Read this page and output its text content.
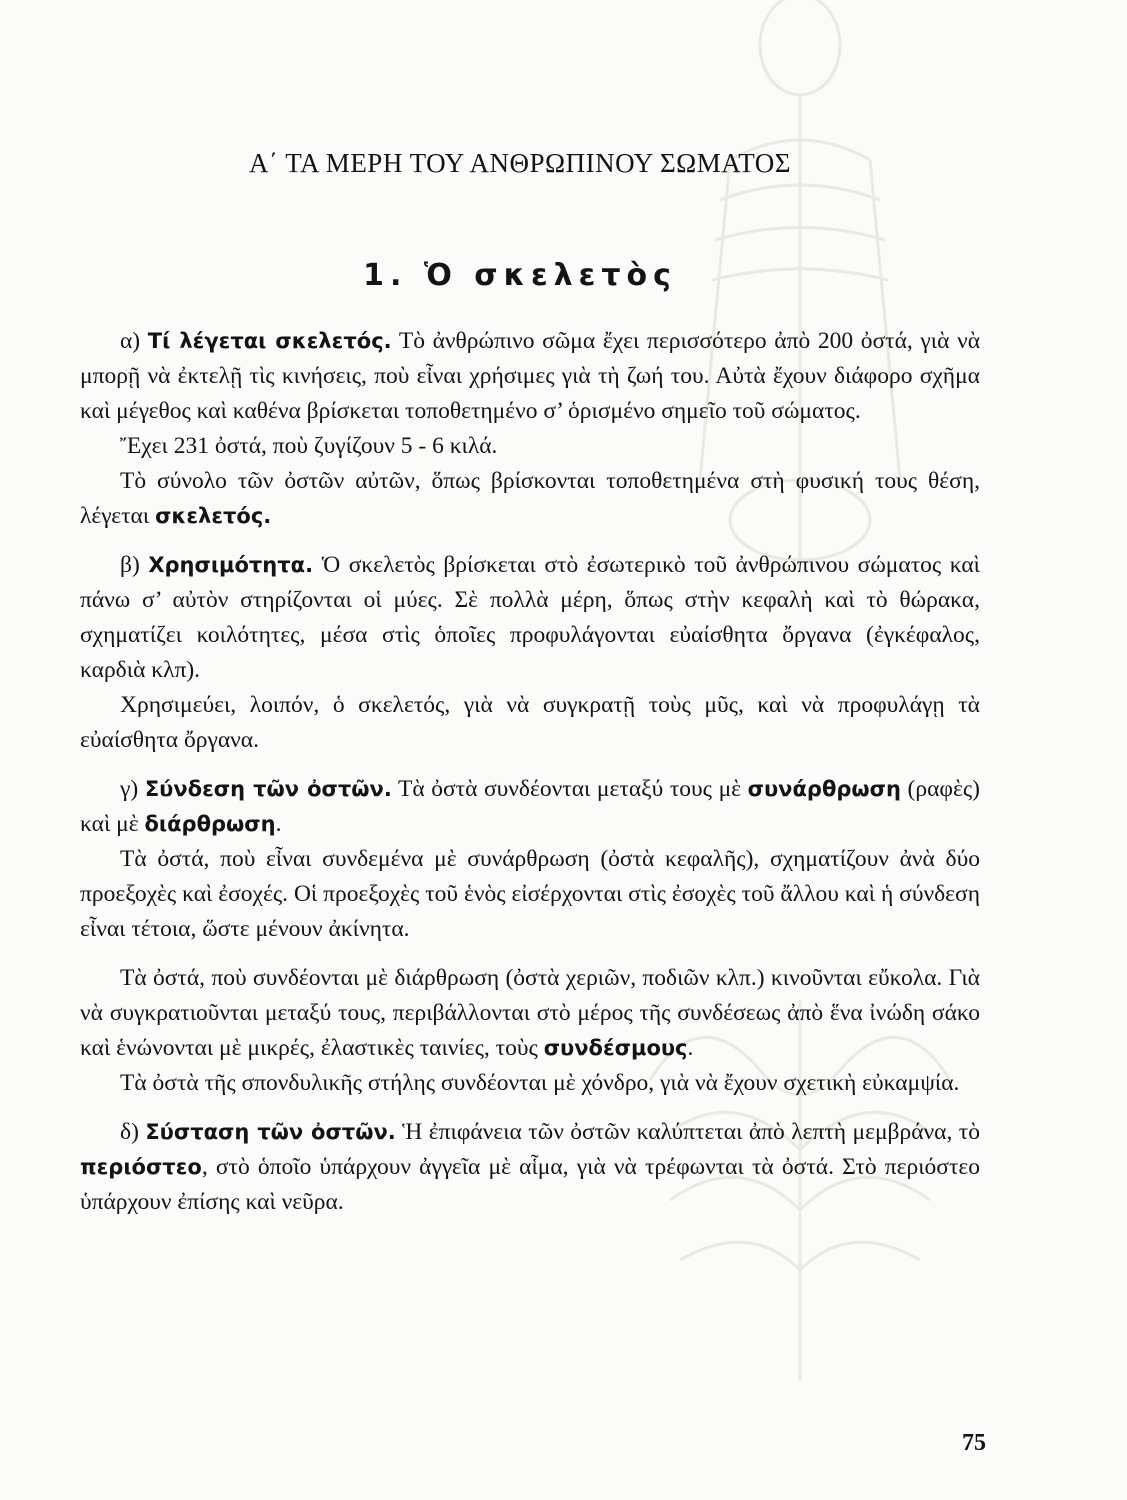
Α΄ ΤΑ ΜΕΡΗ ΤΟΥ ΑΝΘΡΩΠΙΝΟΥ ΣΩΜΑΤΟΣ
1. Ὁ σκελετὸς

α) Τί λέγεται σκελετός. Τὸ ἀνθρώπινο σῶμα ἔχει περισσότερο ἀπὸ 200 ὀστά, γιὰ νὰ μπορῇ νὰ ἐκτελῇ τὶς κινήσεις, ποὺ εἶναι χρήσιμες γιὰ τὴ ζωή του. Αὐτὰ ἔχουν διάφορο σχῆμα καὶ μέγεθος καὶ καθένα βρίσκεται τοποθετημένο σ’ ὁρισμένο σημεῖο τοῦ σώματος.

Ἔχει 231 ὀστά, ποὺ ζυγίζουν 5 - 6 κιλά.

Τὸ σύνολο τῶν ὀστῶν αὐτῶν, ὅπως βρίσκονται τοποθετημένα στὴ φυσική τους θέση, λέγεται σκελετός.

β) Χρησιμότητα. Ὁ σκελετὸς βρίσκεται στὸ ἐσωτερικὸ τοῦ ἀνθρώπινου σώματος καὶ πάνω σ’ αὐτὸν στηρίζονται οἱ μύες. Σὲ πολλὰ μέρη, ὅπως στὴν κεφαλὴ καὶ τὸ θώρακα, σχηματίζει κοιλότητες, μέσα στὶς ὁποῖες προφυλάγονται εὐαίσθητα ὄργανα (ἐγκέφαλος, καρδιὰ κλπ).

Χρησιμεύει, λοιπόν, ὁ σκελετός, γιὰ νὰ συγκρατῇ τοὺς μῦς, καὶ νὰ προφυλάγῃ τὰ εὐαίσθητα ὄργανα.

γ) Σύνδεση τῶν ὀστῶν. Τὰ ὀστὰ συνδέονται μεταξύ τους μὲ συνάρθρωση (ραφὲς) καὶ μὲ διάρθρωση.

Τὰ ὀστά, ποὺ εἶναι συνδεμένα μὲ συνάρθρωση (ὀστὰ κεφαλῆς), σχηματίζουν ἀνὰ δύο προεξοχὲς καὶ ἐσοχές. Οἱ προεξοχὲς τοῦ ἑνὸς εἰσέρχονται στὶς ἐσοχὲς τοῦ ἄλλου καὶ ἡ σύνδεση εἶναι τέτοια, ὥστε μένουν ἀκίνητα.

Τὰ ὀστά, ποὺ συνδέονται μὲ διάρθρωση (ὀστὰ χεριῶν, ποδιῶν κλπ.) κινοῦνται εὔκολα. Γιὰ νὰ συγκρατιοῦνται μεταξύ τους, περιβάλλονται στὸ μέρος τῆς συνδέσεως ἀπὸ ἕνα ἰνώδη σάκο καὶ ἑνώνονται μὲ μικρές, ἐλαστικὲς ταινίες, τοὺς συνδέσμους.

Τὰ ὀστὰ τῆς σπονδυλικῆς στήλης συνδέονται μὲ χόνδρο, γιὰ νὰ ἔχουν σχετικὴ εὐκαμψία.

δ) Σύσταση τῶν ὀστῶν. Ἡ ἐπιφάνεια τῶν ὀστῶν καλύπτεται ἀπὸ λεπτὴ μεμβράνα, τὸ περιόστεο, στὸ ὁποῖο ὑπάρχουν ἀγγεῖα μὲ αἷμα, γιὰ νὰ τρέφωνται τὰ ὀστά. Στὸ περιόστεο ὑπάρχουν ἐπίσης καὶ νεῦρα.

75
